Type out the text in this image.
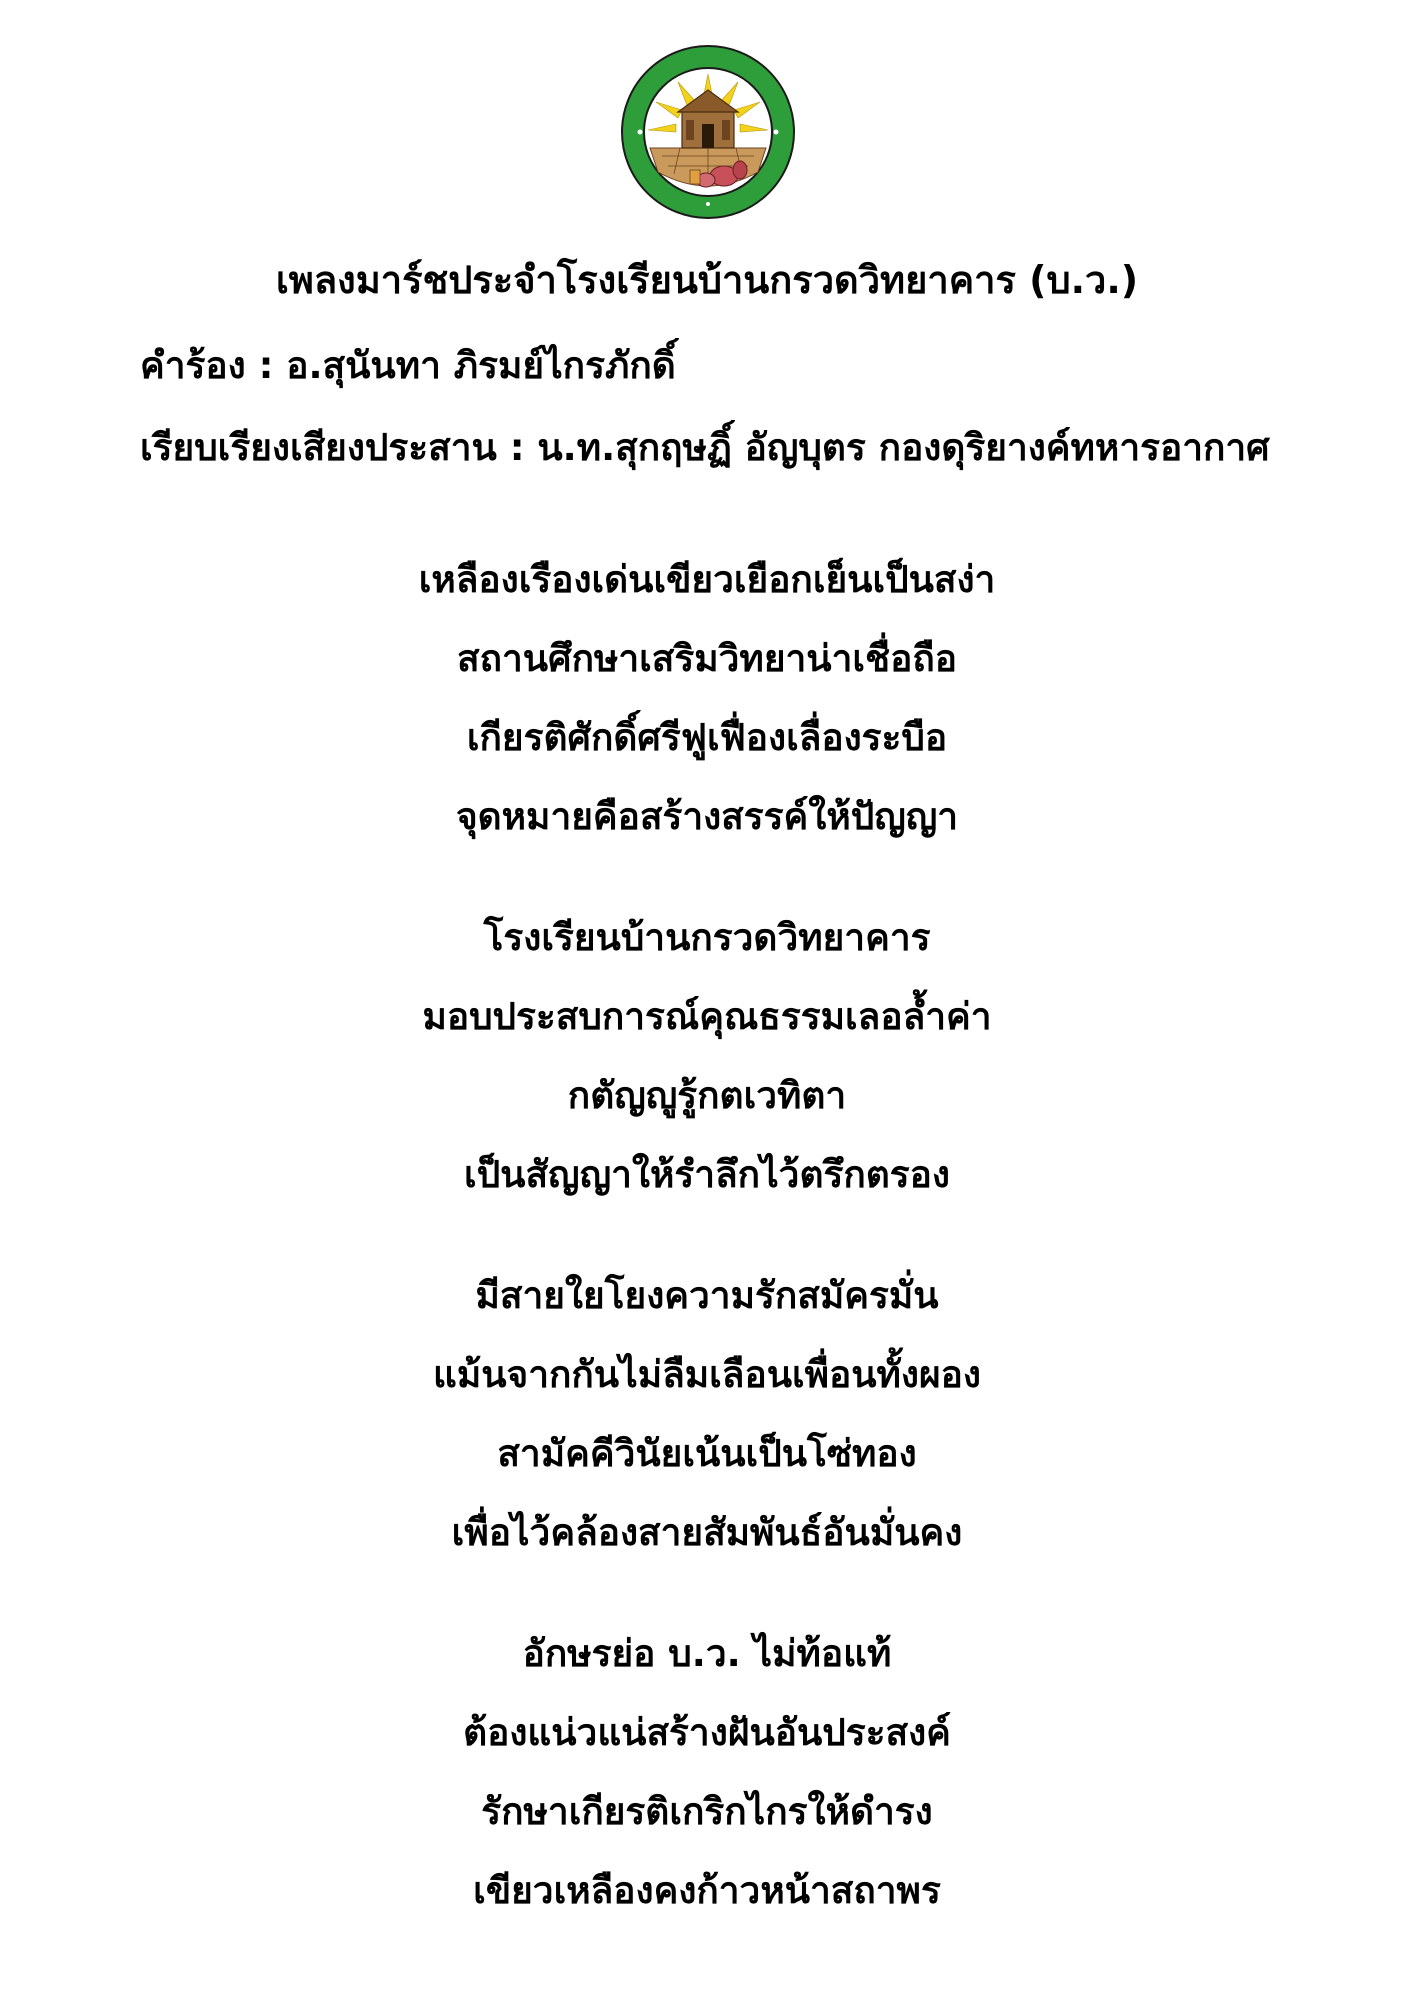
เพลงมาร์ชประจำโรงเรียนบ้านกรวดวิทยาคาร (บ.ว.)
คำร้อง : อ.สุนันทา ภิรมย์ไกรภักดิ์
เรียบเรียงเสียงประสาน : น.ท.สุกฤษฏิ์ อัญบุตร กองดุริยางค์ทหารอากาศ
เหลืองเรืองเด่นเขียวเยือกเย็นเป็นสง่า
สถานศึกษาเสริมวิทยาน่าเชื่อถือ
เกียรติศักดิ์ศรีฟูเฟื่องเลื่องระบือ
จุดหมายคือสร้างสรรค์ให้ปัญญา
โรงเรียนบ้านกรวดวิทยาคาร
มอบประสบการณ์คุณธรรมเลอล้ำค่า
กตัญญูรู้กตเวทิตา
เป็นสัญญาให้รำลึกไว้ตรึกตรอง
มีสายใยโยงความรักสมัครมั่น
แม้นจากกันไม่ลืมเลือนเพื่อนทั้งผอง
สามัคคีวินัยเน้นเป็นโซ่ทอง
เพื่อไว้คล้องสายสัมพันธ์อันมั่นคง
อักษรย่อ บ.ว. ไม่ท้อแท้
ต้องแน่วแน่สร้างฝันอันประสงค์
รักษาเกียรติเกริกไกรให้ดำรง
เขียวเหลืองคงก้าวหน้าสถาพร
